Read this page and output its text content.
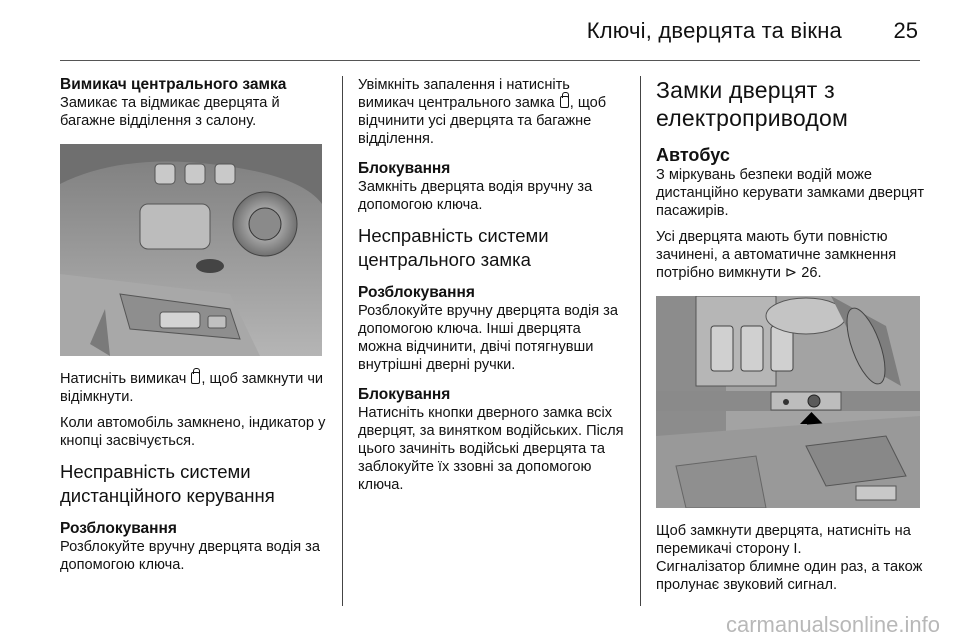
Ключі, дверцята та вікна 25
Вимикач центрального замка

Замикає та відмикає дверцята й багажне відділення з салону.

Натисніть вимикач , щоб замкнути чи відімкнути.

Коли автомобіль замкнено, індикатор у кнопці засвічується.

Несправність системи дистанційного керування
Розблокування

Розблокуйте вручну дверцята водія за допомогою ключа.

Увімкніть запалення і натисніть вимикач центрального замка , щоб відчинити усі дверцята та багажне відділення.

Блокування

Замкніть дверцята водія вручну за допомогою ключа.

Несправність системи центрального замка
Розблокування

Розблокуйте вручну дверцята водія за допомогою ключа. Інші дверцята можна відчинити, двічі потягнувши внутрішні дверні ручки.

Блокування

Натисніть кнопки дверного замка всіх дверцят, за винятком водійських. Після цього зачиніть водійські дверцята та заблокуйте їх ззовні за допомогою ключа.

Замки дверцят з електроприводом
Автобус

З міркувань безпеки водій може дистанційно керувати замками дверцят пасажирів.

Усі дверцята мають бути повністю зачинені, а автоматичне замкнення потрібно вимкнути ⊳ 26.

Щоб замкнути дверцята, натисніть на перемикачі сторону I.

Сигналізатор блимне один раз, а також пролунає звуковий сигнал.

carmanualsonline.info
